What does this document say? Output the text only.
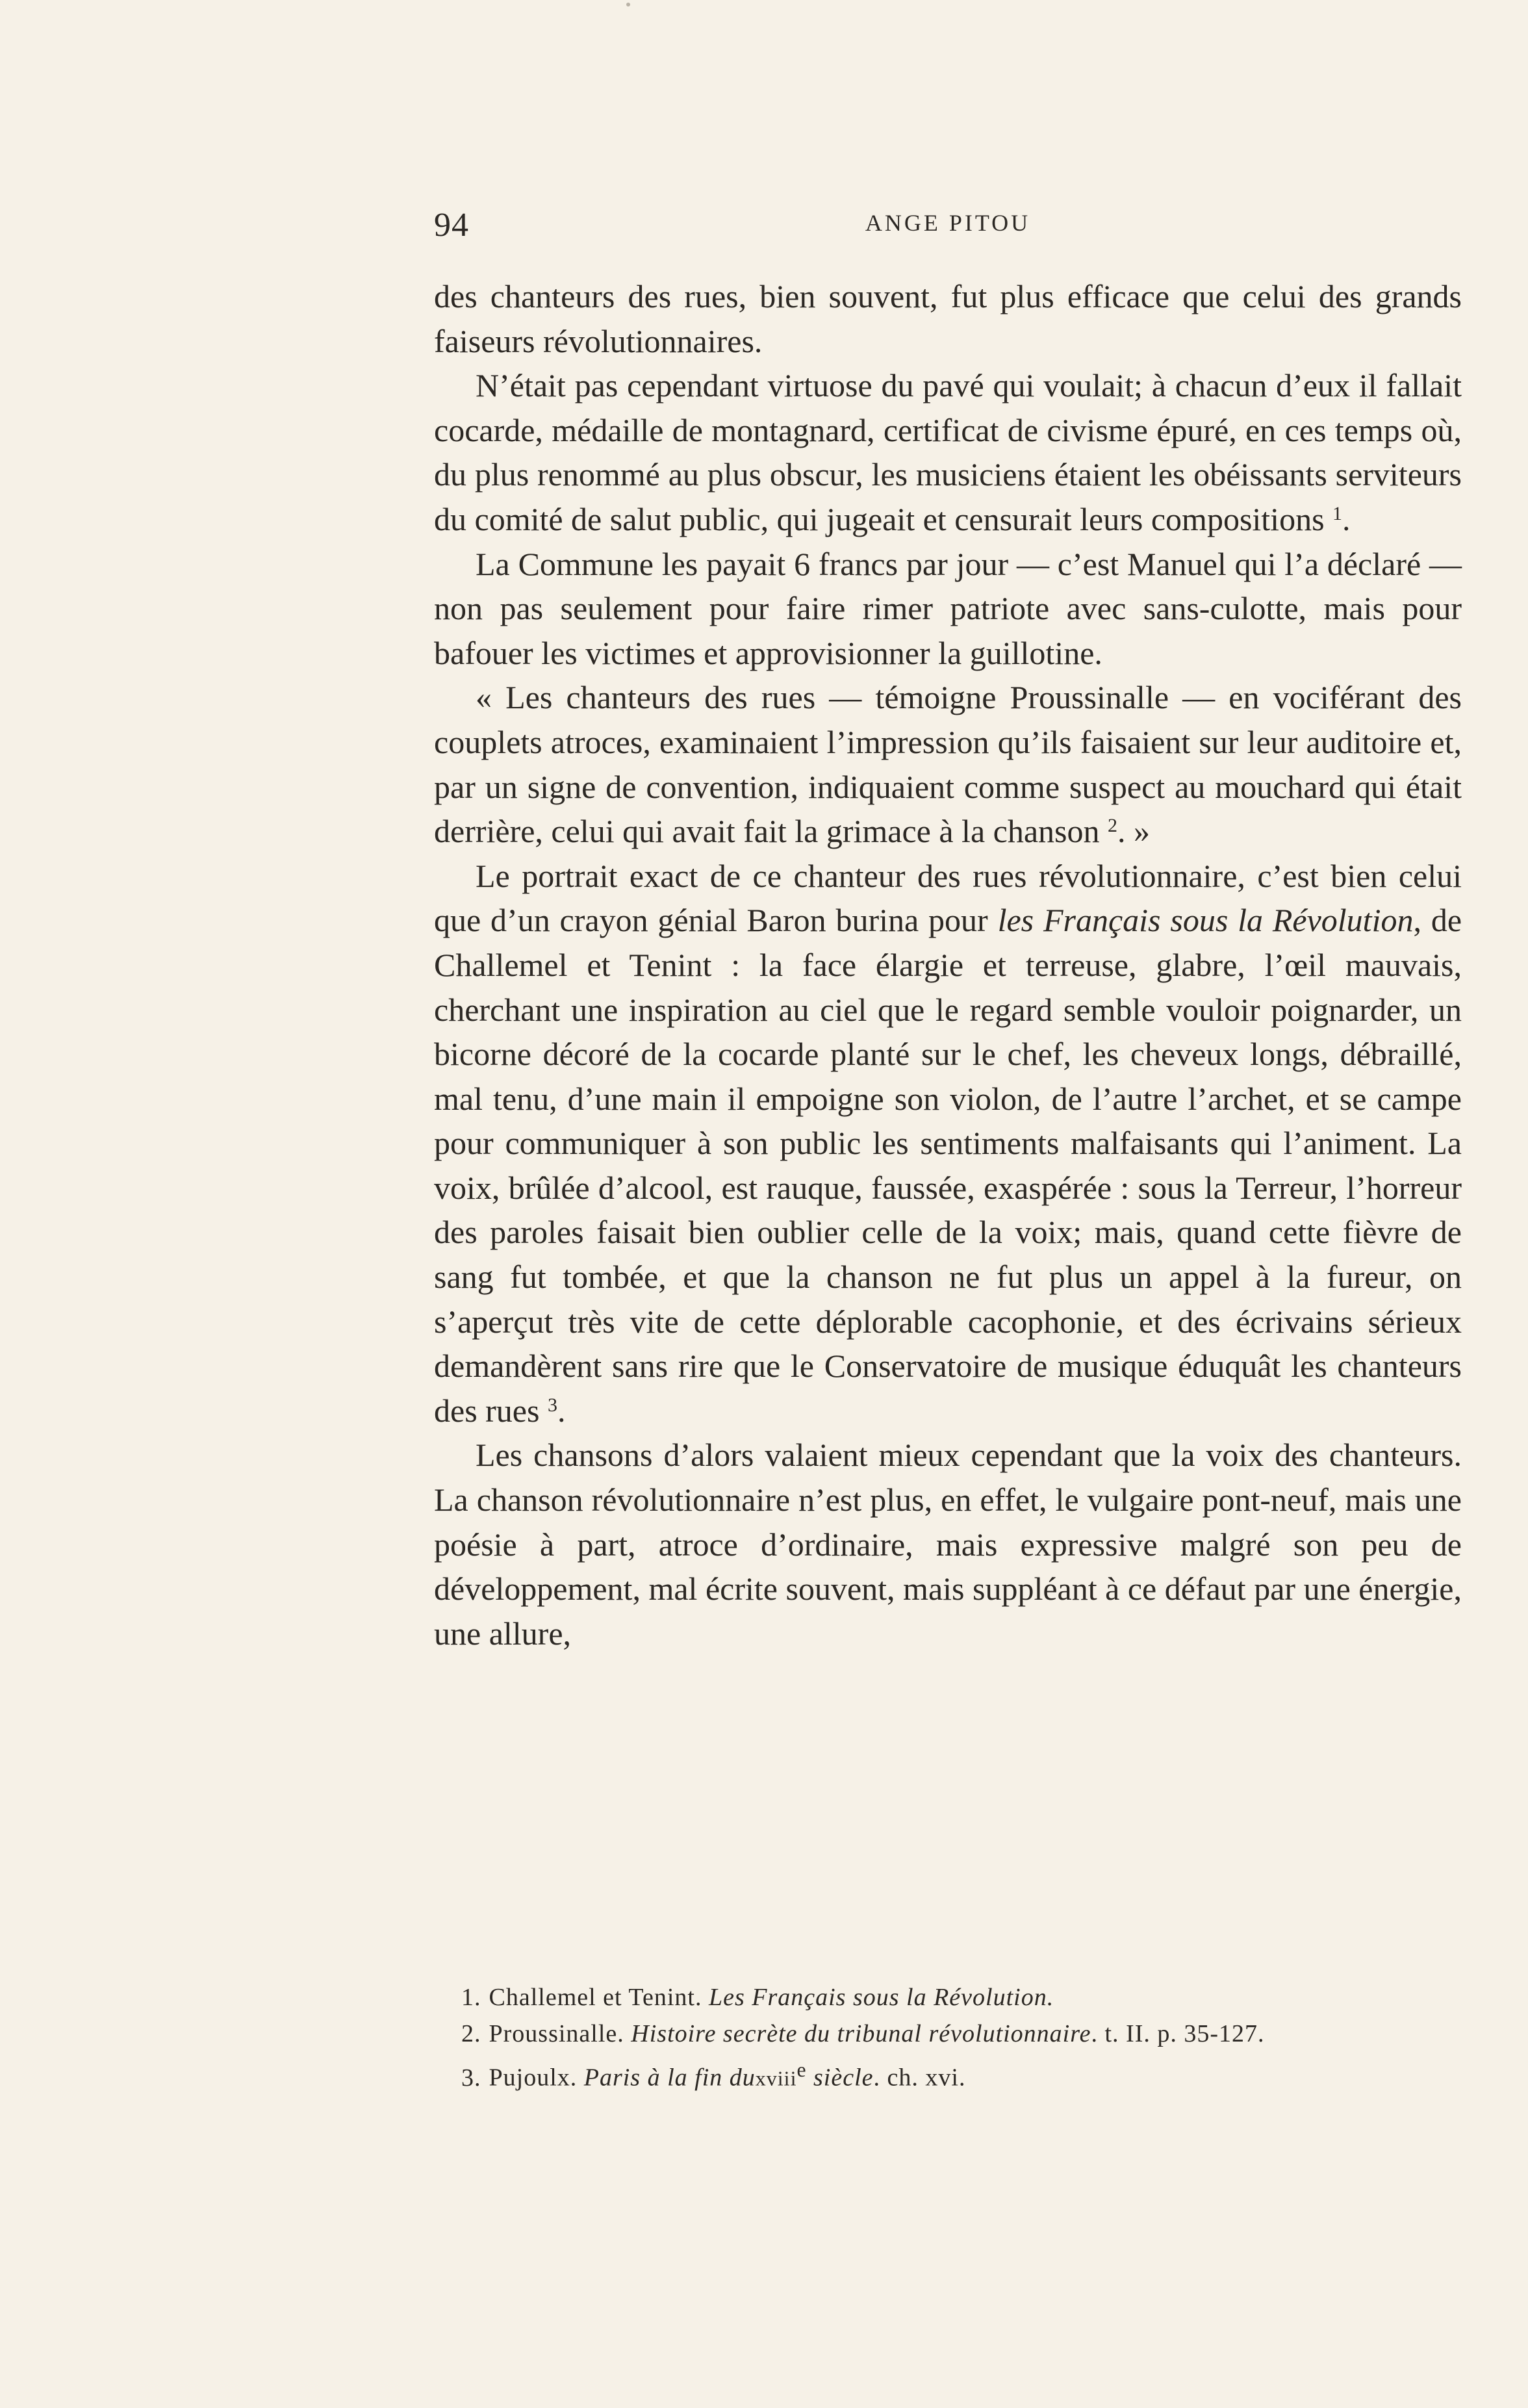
94	ANGE PITOU

des chanteurs des rues, bien souvent, fut plus efficace que celui des grands faiseurs révolutionnaires.

N’était pas cependant virtuose du pavé qui voulait; à chacun d’eux il fallait cocarde, médaille de montagnard, certificat de civisme épuré, en ces temps où, du plus renommé au plus obscur, les musiciens étaient les obéissants serviteurs du comité de salut public, qui jugeait et censurait leurs compositions $^1$.

La Commune les payait 6 francs par jour — c’est Manuel qui l’a déclaré — non pas seulement pour faire rimer patriote avec sans-culotte, mais pour bafouer les victimes et approvisionner la guillotine.

« Les chanteurs des rues — témoigne Proussinalle — en vociférant des couplets atroces, examinaient l’impression qu’ils faisaient sur leur auditoire et, par un signe de convention, indiquaient comme suspect au mouchard qui était derrière, celui qui avait fait la grimace à la chanson $^2$. »

Le portrait exact de ce chanteur des rues révolutionnaire, c’est bien celui que d’un crayon génial Baron burina pour les Français sous la Révolution, de Challemel et Tenint : la face élargie et terreuse, glabre, l’œil mauvais, cherchant une inspiration au ciel que le regard semble vouloir poignarder, un bicorne décoré de la cocarde planté sur le chef, les cheveux longs, débraillé, mal tenu, d’une main il empoigne son violon, de l’autre l’archet, et se campe pour communiquer à son public les sentiments malfaisants qui l’animent. La voix, brûlée d’alcool, est rauque, faussée, exaspérée : sous la Terreur, l’horreur des paroles faisait bien oublier celle de la voix; mais, quand cette fièvre de sang fut tombée, et que la chanson ne fut plus un appel à la fureur, on s’aperçut très vite de cette déplorable cacophonie, et des écrivains sérieux demandèrent sans rire que le Conservatoire de musique éduquât les chanteurs des rues $^3$.

Les chansons d’alors valaient mieux cependant que la voix des chanteurs. La chanson révolutionnaire n’est plus, en effet, le vulgaire pont-neuf, mais une poésie à part, atroce d’ordinaire, mais expressive malgré son peu de développement, mal écrite souvent, mais suppléant à ce défaut par une énergie, une allure,

1. Challemel et Tenint. Les Français sous la Révolution.

2. Proussinalle. Histoire secrète du tribunal révolutionnaire. t. II. p. 35-127.

3. Pujoulx. Paris à la fin duxviii$^e$ siècle. ch. xvi.
